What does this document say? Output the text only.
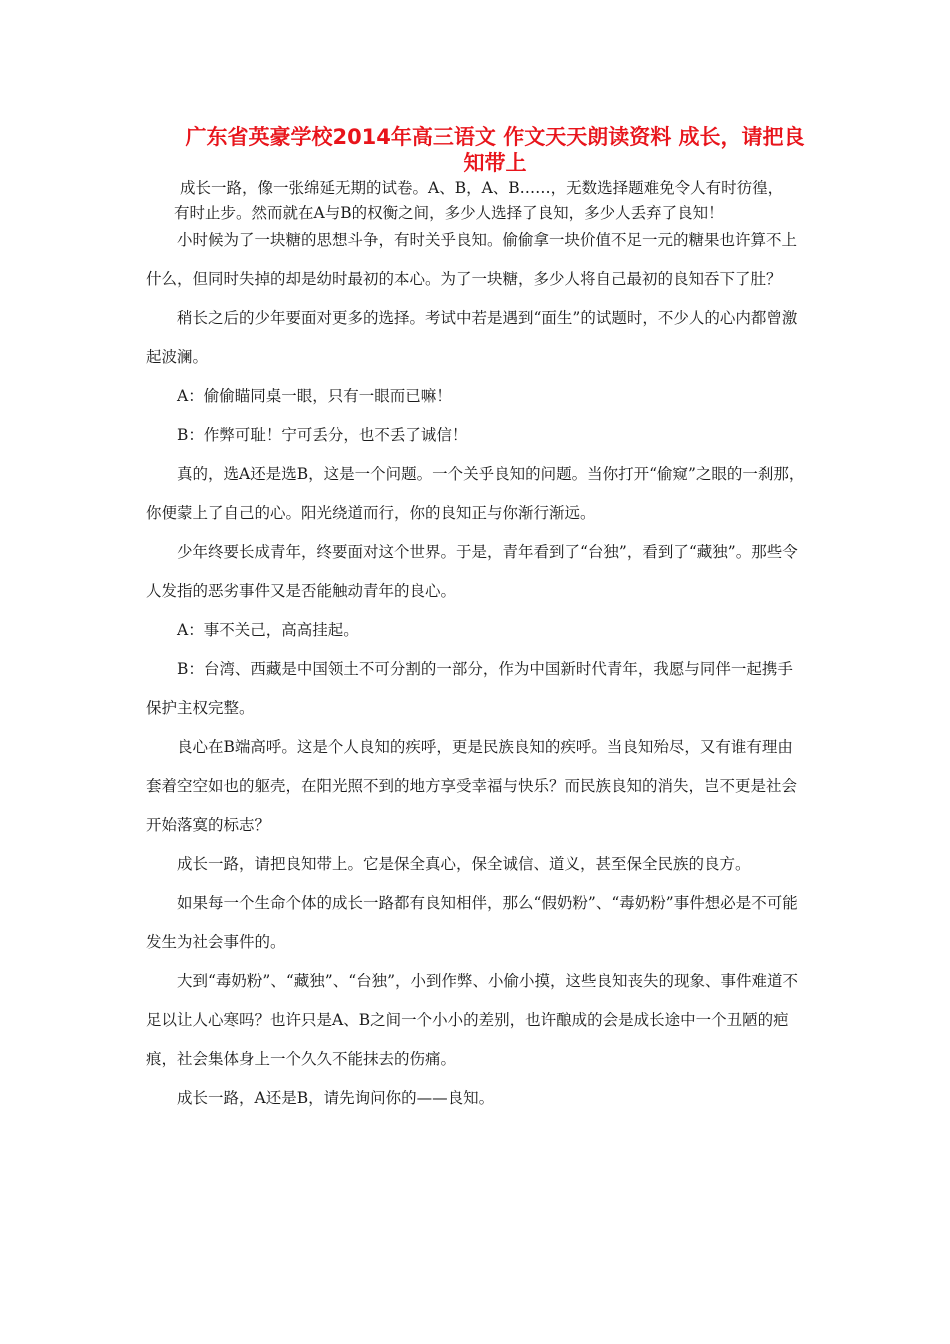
广东省英豪学校2014年高三语文 作文天天朗读资料 成长，请把良知带上
成长一路，像一张绵延无期的试卷。A、B，A、B……，无数选择题难免令人有时彷徨，
有时止步。然而就在A与B的权衡之间，多少人选择了良知，多少人丢弃了良知！

小时候为了一块糖的思想斗争，有时关乎良知。偷偷拿一块价值不足一元的糖果也许算不上什么，但同时失掉的却是幼时最初的本心。为了一块糖，多少人将自己最初的良知吞下了肚？

稍长之后的少年要面对更多的选择。考试中若是遇到“面生”的试题时，不少人的心内都曾激起波澜。

A：偷偷瞄同桌一眼，只有一眼而已嘛！

B：作弊可耻！宁可丢分，也不丢了诚信！

真的，选A还是选B，这是一个问题。一个关乎良知的问题。当你打开“偷窥”之眼的一刹那，你便蒙上了自己的心。阳光绕道而行，你的良知正与你渐行渐远。

少年终要长成青年，终要面对这个世界。于是，青年看到了“台独”，看到了“藏独”。那些令人发指的恶劣事件又是否能触动青年的良心。

A：事不关己，高高挂起。

B：台湾、西藏是中国领土不可分割的一部分，作为中国新时代青年，我愿与同伴一起携手保护主权完整。

良心在B端高呼。这是个人良知的疾呼，更是民族良知的疾呼。当良知殆尽，又有谁有理由套着空空如也的躯壳，在阳光照不到的地方享受幸福与快乐？而民族良知的消失，岂不更是社会开始落寞的标志？

成长一路，请把良知带上。它是保全真心，保全诚信、道义，甚至保全民族的良方。

如果每一个生命个体的成长一路都有良知相伴，那么“假奶粉”、“毒奶粉”事件想必是不可能发生为社会事件的。

大到“毒奶粉”、“藏独”、“台独”，小到作弊、小偷小摸，这些良知丧失的现象、事件难道不足以让人心寒吗？也许只是A、B之间一个小小的差别，也许酿成的会是成长途中一个丑陋的疤痕，社会集体身上一个久久不能抹去的伤痛。

成长一路，A还是B，请先询问你的——良知。
